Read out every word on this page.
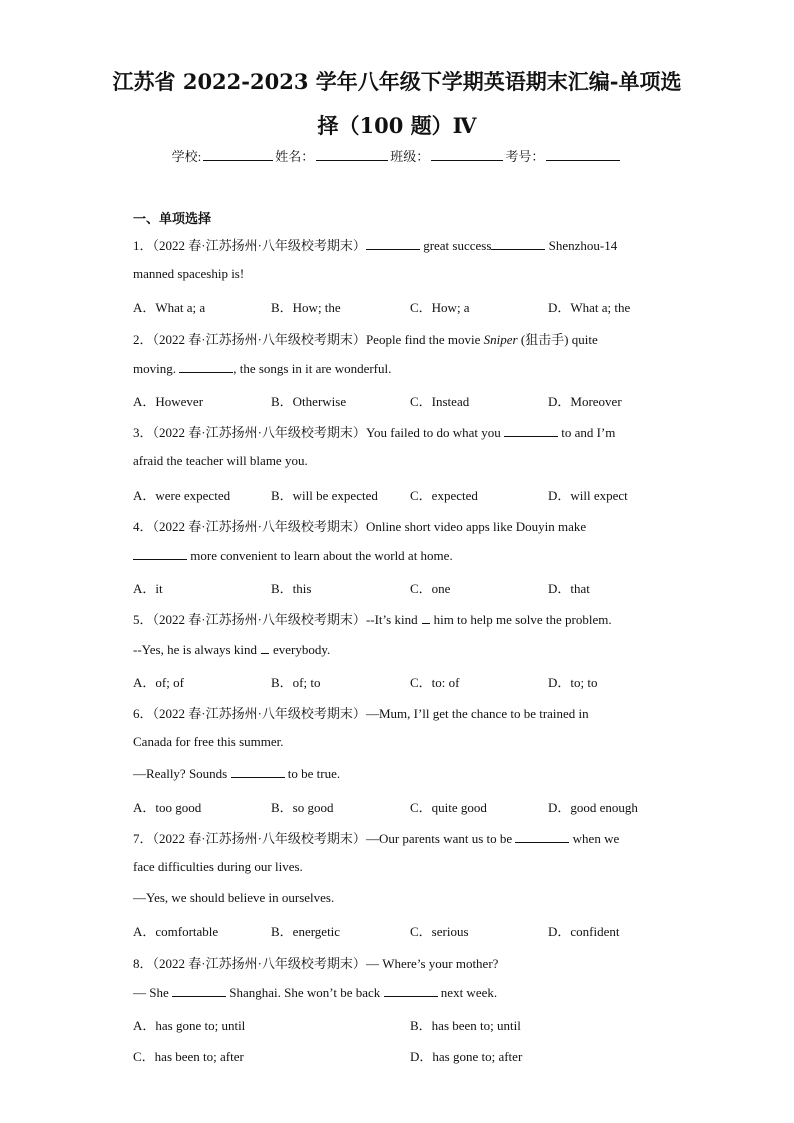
江苏省 2022-2023 学年八年级下学期英语期末汇编-单项选
择（100 题）Ⅳ
学校:	姓名：	班级：	考号：
一、单项选择
1．（2022 春·江苏扬州·八年级校考期末）	great success	Shenzhou-14
manned spaceship is!
A．What a; a	B．How; the	C．How; a	D．What a; the
2．（2022 春·江苏扬州·八年级校考期末）People find the movie Sniper (狙击手) quite
moving.	, the songs in it are wonderful.
A．However	B．Otherwise	C．Instead	D．Moreover
3．（2022 春·江苏扬州·八年级校考期末）You failed to do what you	to and I’m
afraid the teacher will blame you.
A．were expected	B．will be expected C．expected	D．will expect
4．（2022 春·江苏扬州·八年级校考期末）Online short video apps like Douyin make
more convenient to learn about the world at home.
A．it	B．this	C．one	D．that
5．（2022 春·江苏扬州·八年级校考期末）--It’s kind him to help me solve the problem.
--Yes, he is always kind everybody.
A．of; of	B．of; to	C．to: of	D．to; to
6．（2022 春·江苏扬州·八年级校考期末）—Mum, I’ll get the chance to be trained in
Canada for free this summer.
—Really? Sounds	to be true.
A．too good	B．so good	C．quite good	D．good enough
7．（2022 春·江苏扬州·八年级校考期末）—Our parents want us to be	when we
face difficulties during our lives.
—Yes, we should believe in ourselves.
A．comfortable	B．energetic	C．serious	D．confident
8．（2022 春·江苏扬州·八年级校考期末）— Where’s your mother?
— She	Shanghai. She won’t be back	next week.
A．has gone to; until	B．has been to; until
C．has been to; after	D．has gone to; after
